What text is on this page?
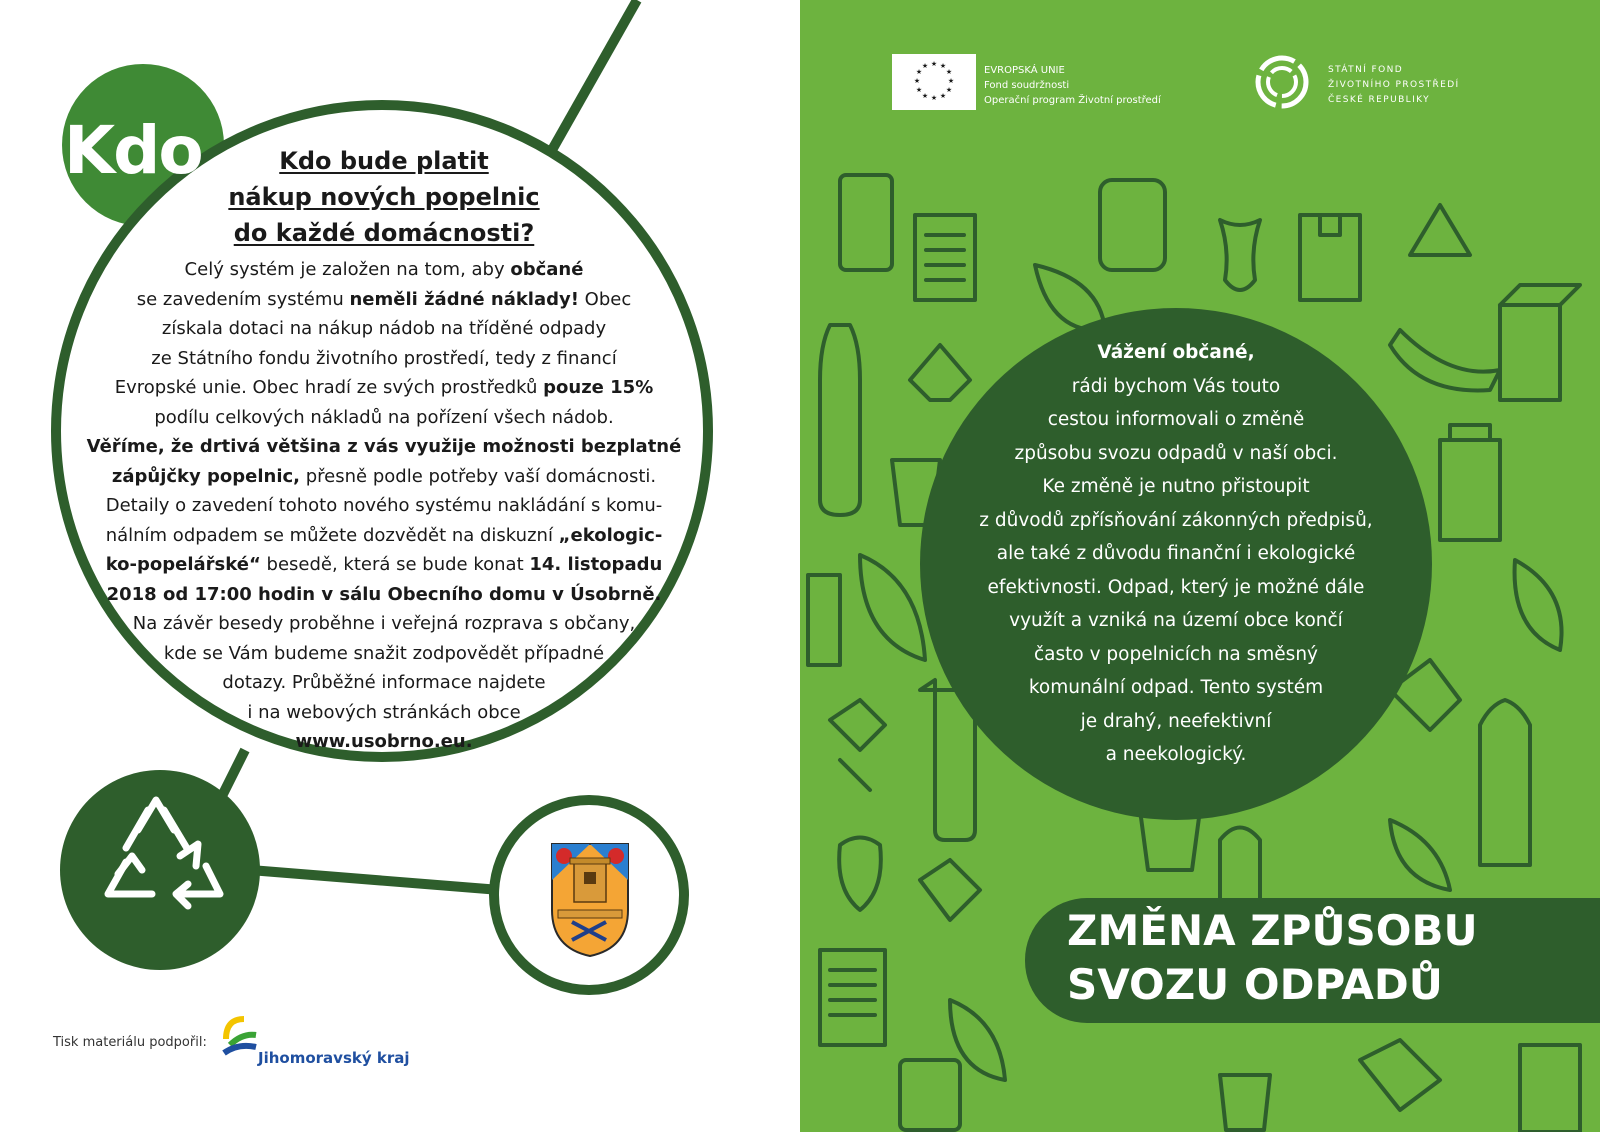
Kdo	Kdo bude platit
nákup nových popelnic
do každé domácnosti?
Celý systém je založen na tom, aby občané
se zavedením systému neměli žádné náklady! Obec
získala dotaci na nákup nádob na tříděné odpady
ze Státního fondu životního prostředí, tedy z financí
Evropské unie. Obec hradí ze svých prostředků pouze 15%
podílu celkových nákladů na pořízení všech nádob.
Věříme, že drtivá většina z vás využije možnosti bezplatné
zápůjčky popelnic, přesně podle potřeby vaší domácnosti.
Detaily o zavedení tohoto nového systému nakládání s komu-
nálním odpadem se můžete dozvědět na diskuzní „ekologic-
ko-popelářské“ besedě, která se bude konat 14. listopadu
2018 od 17:00 hodin v sálu Obecního domu v Úsobrně.
Na závěr besedy proběhne i veřejná rozprava s občany,
kde se Vám budeme snažit zodpovědět případné
dotazy. Průběžné informace najdete
i na webových stránkách obce
www.usobrno.eu.
Tisk materiálu podpořil:
Jihomoravský kraj
★ ★
★
★
★
★
★
★
★
★
★
★	EVROPSKÁ UNIE
Fond soudržnosti
Operační program Životní prostředí
STÁTNÍ FOND
ŽIVOTNÍHO PROSTŘEDÍ
ČESKÉ REPUBLIKY
Vážení občané,
rádi bychom Vás touto
cestou informovali o změně
způsobu svozu odpadů v naší obci.
Ke změně je nutno přistoupit
z důvodů zpřísňování zákonných předpisů,
ale také z důvodu finanční i ekologické
efektivnosti. Odpad, který je možné dále
využít a vzniká na území obce končí
často v popelnicích na směsný
komunální odpad. Tento systém
je drahý, neefektivní
a neekologický.
ZMĚNA ZPŮSOBU
SVOZU ODPADŮ
